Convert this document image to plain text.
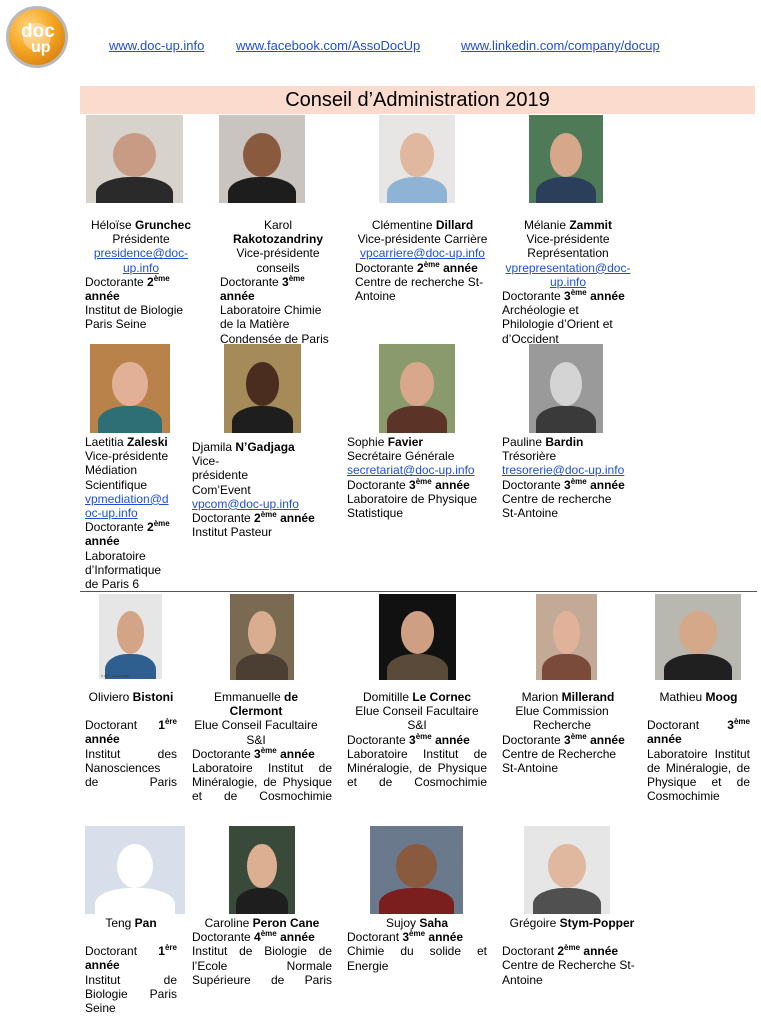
doc
up	www.doc-up.info www.facebook.com/AssoDocUp	www.linkedin.com/company/docup
Conseil d’Administration 2019
© IMP - Cécile Duffet
Héloïse Grunchec
Présidente
presidence@doc-up.info
Doctorante 2ème année
Institut de Biologie Paris Seine
Karol Rakotozandriny
Vice-présidente conseils
Doctorante 3ème année
Laboratoire Chimie de la Matière Condensée de Paris
Clémentine Dillard
Vice-présidente Carrière
vpcarriere@doc-up.info
Doctorante 2ème année
Centre de recherche St-Antoine
Mélanie Zammit
Vice-présidente Représentation
vprepresentation@doc-up.info
Doctorante 3ème année
Archéologie et Philologie d’Orient et d’Occident
Laetitia Zaleski
Vice-présidente Médiation Scientifique
vpmediation@doc-up.info
Doctorante 2ème année
Laboratoire d’Informatique de Paris 6
Djamila N’Gadjaga
Vice-présidente Com’Event
vpcom@doc-up.info
Doctorante 2ème année
Institut Pasteur
Sophie Favier
Secrétaire Générale
secretariat@doc-up.info
Doctorante 3ème année
Laboratoire de Physique Statistique
Pauline Bardin
Trésorière
tresorerie@doc-up.info
Doctorante 3ème année
Centre de recherche St-Antoine
Oliviero Bistoni
Doctorant 1ère
année
Institut des Nanosciences de Paris
Emmanuelle de Clermont
Elue Conseil Facultaire S&I
Doctorante 3ème année
Laboratoire Institut de Minéralogie, de Physique et de Cosmochimie
Domitille Le Cornec
Elue Conseil Facultaire S&I
Doctorante 3ème année
Laboratoire Institut de Minéralogie, de Physique et de Cosmochimie
Marion Millerand
Elue Commission Recherche
Doctorante 3ème année
Centre de Recherche St-Antoine
Mathieu Moog
Doctorant 3ème
année
Laboratoire Institut de Minéralogie, de Physique et de Cosmochimie
Teng Pan
Doctorant 1ère
année
Institut de Biologie Paris Seine
Caroline Peron Cane
Doctorante 4ème année
Institut de Biologie de l’Ecole Normale Supérieure de Paris
Sujoy Saha
Doctorant 3ème année
Chimie du solide et Energie
Grégoire Stym-Popper
Doctorant 2ème année
Centre de Recherche St-Antoine
